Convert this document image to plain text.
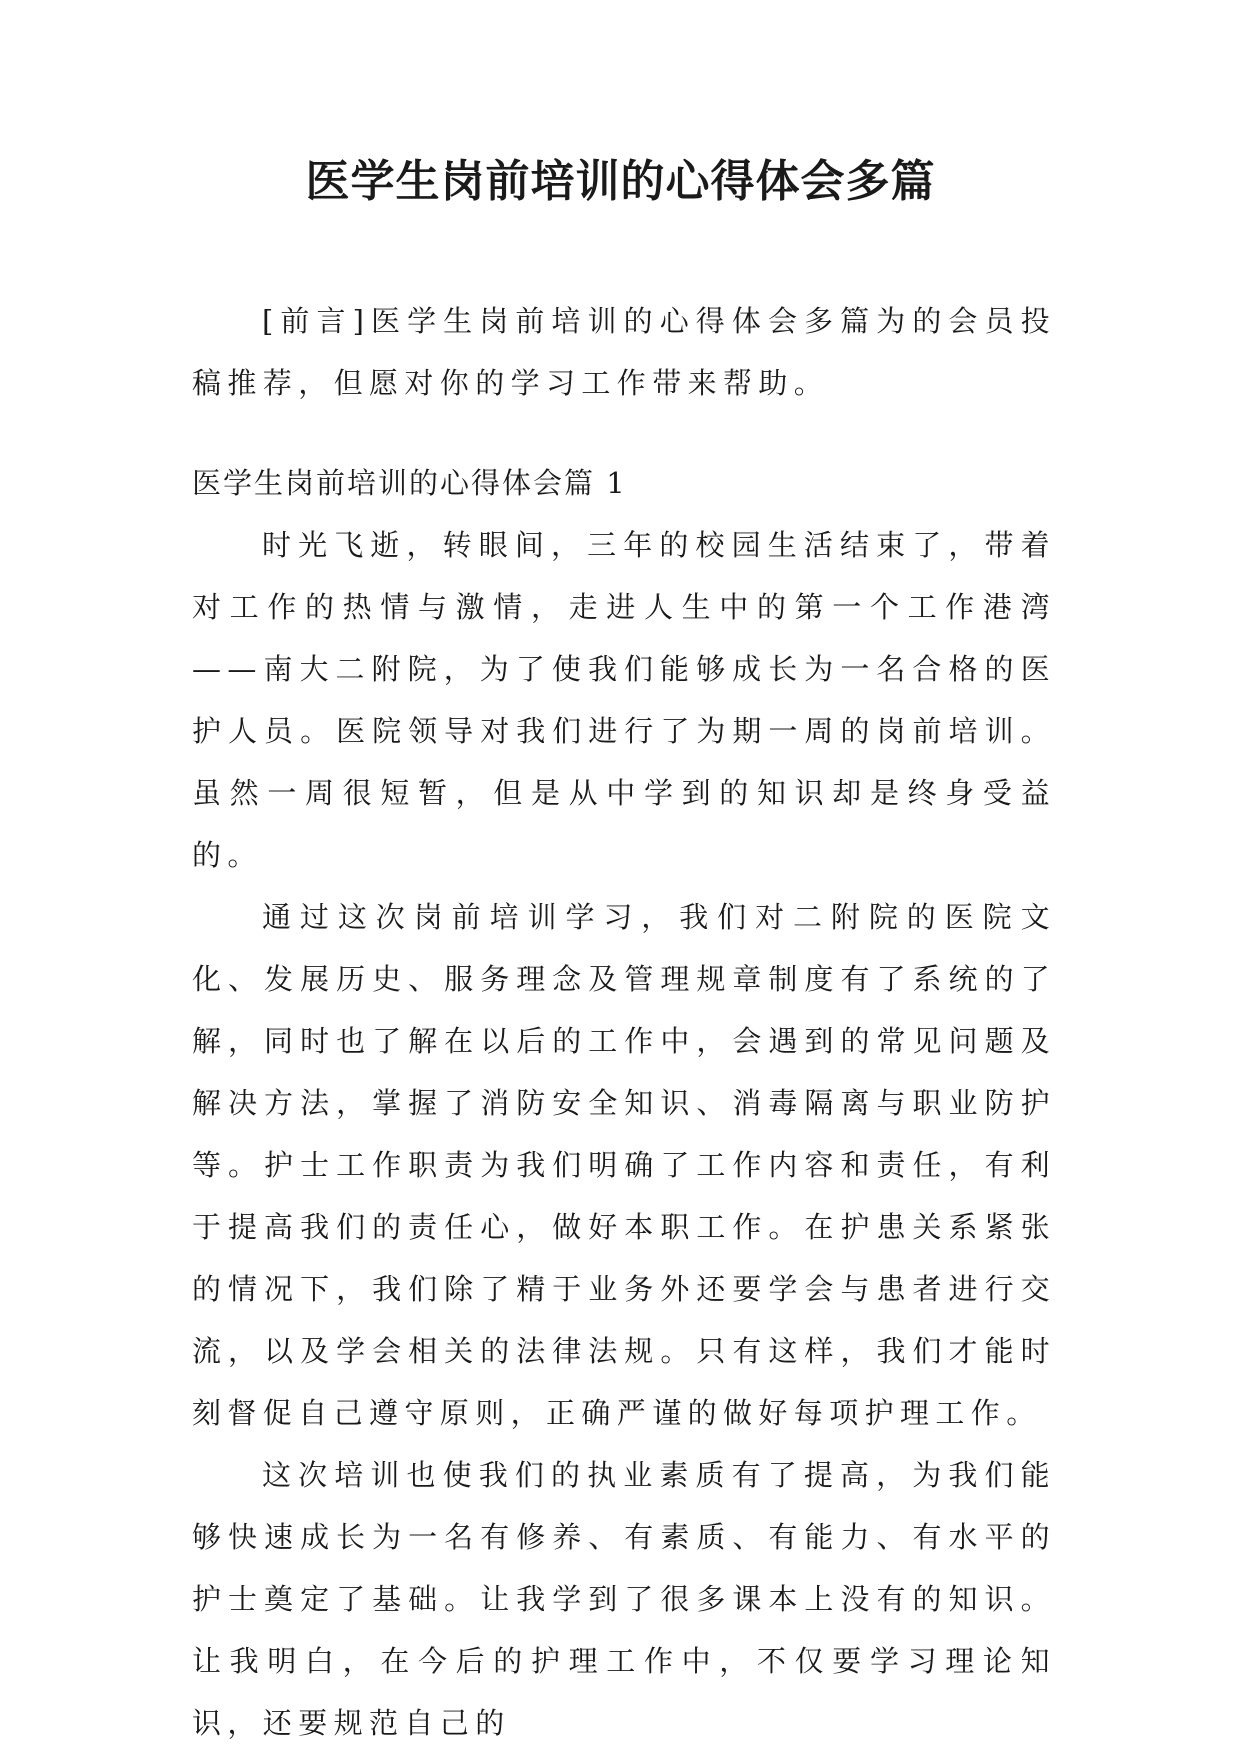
医学生岗前培训的心得体会多篇

[前言]医学生岗前培训的心得体会多篇为的会员投稿推荐，但愿对你的学习工作带来帮助。

医学生岗前培训的心得体会篇 1

时光飞逝，转眼间，三年的校园生活结束了，带着对工作的热情与激情，走进人生中的第一个工作港湾——南大二附院，为了使我们能够成长为一名合格的医护人员。医院领导对我们进行了为期一周的岗前培训。虽然一周很短暂，但是从中学到的知识却是终身受益的。

通过这次岗前培训学习，我们对二附院的医院文化、发展历史、服务理念及管理规章制度有了系统的了解，同时也了解在以后的工作中，会遇到的常见问题及解决方法，掌握了消防安全知识、消毒隔离与职业防护等。护士工作职责为我们明确了工作内容和责任，有利于提高我们的责任心，做好本职工作。在护患关系紧张的情况下，我们除了精于业务外还要学会与患者进行交流，以及学会相关的法律法规。只有这样，我们才能时刻督促自己遵守原则，正确严谨的做好每项护理工作。

这次培训也使我们的执业素质有了提高，为我们能够快速成长为一名有修养、有素质、有能力、有水平的护士奠定了基础。让我学到了很多课本上没有的知识。让我明白，在今后的护理工作中，不仅要学习理论知识，还要规范自己的
